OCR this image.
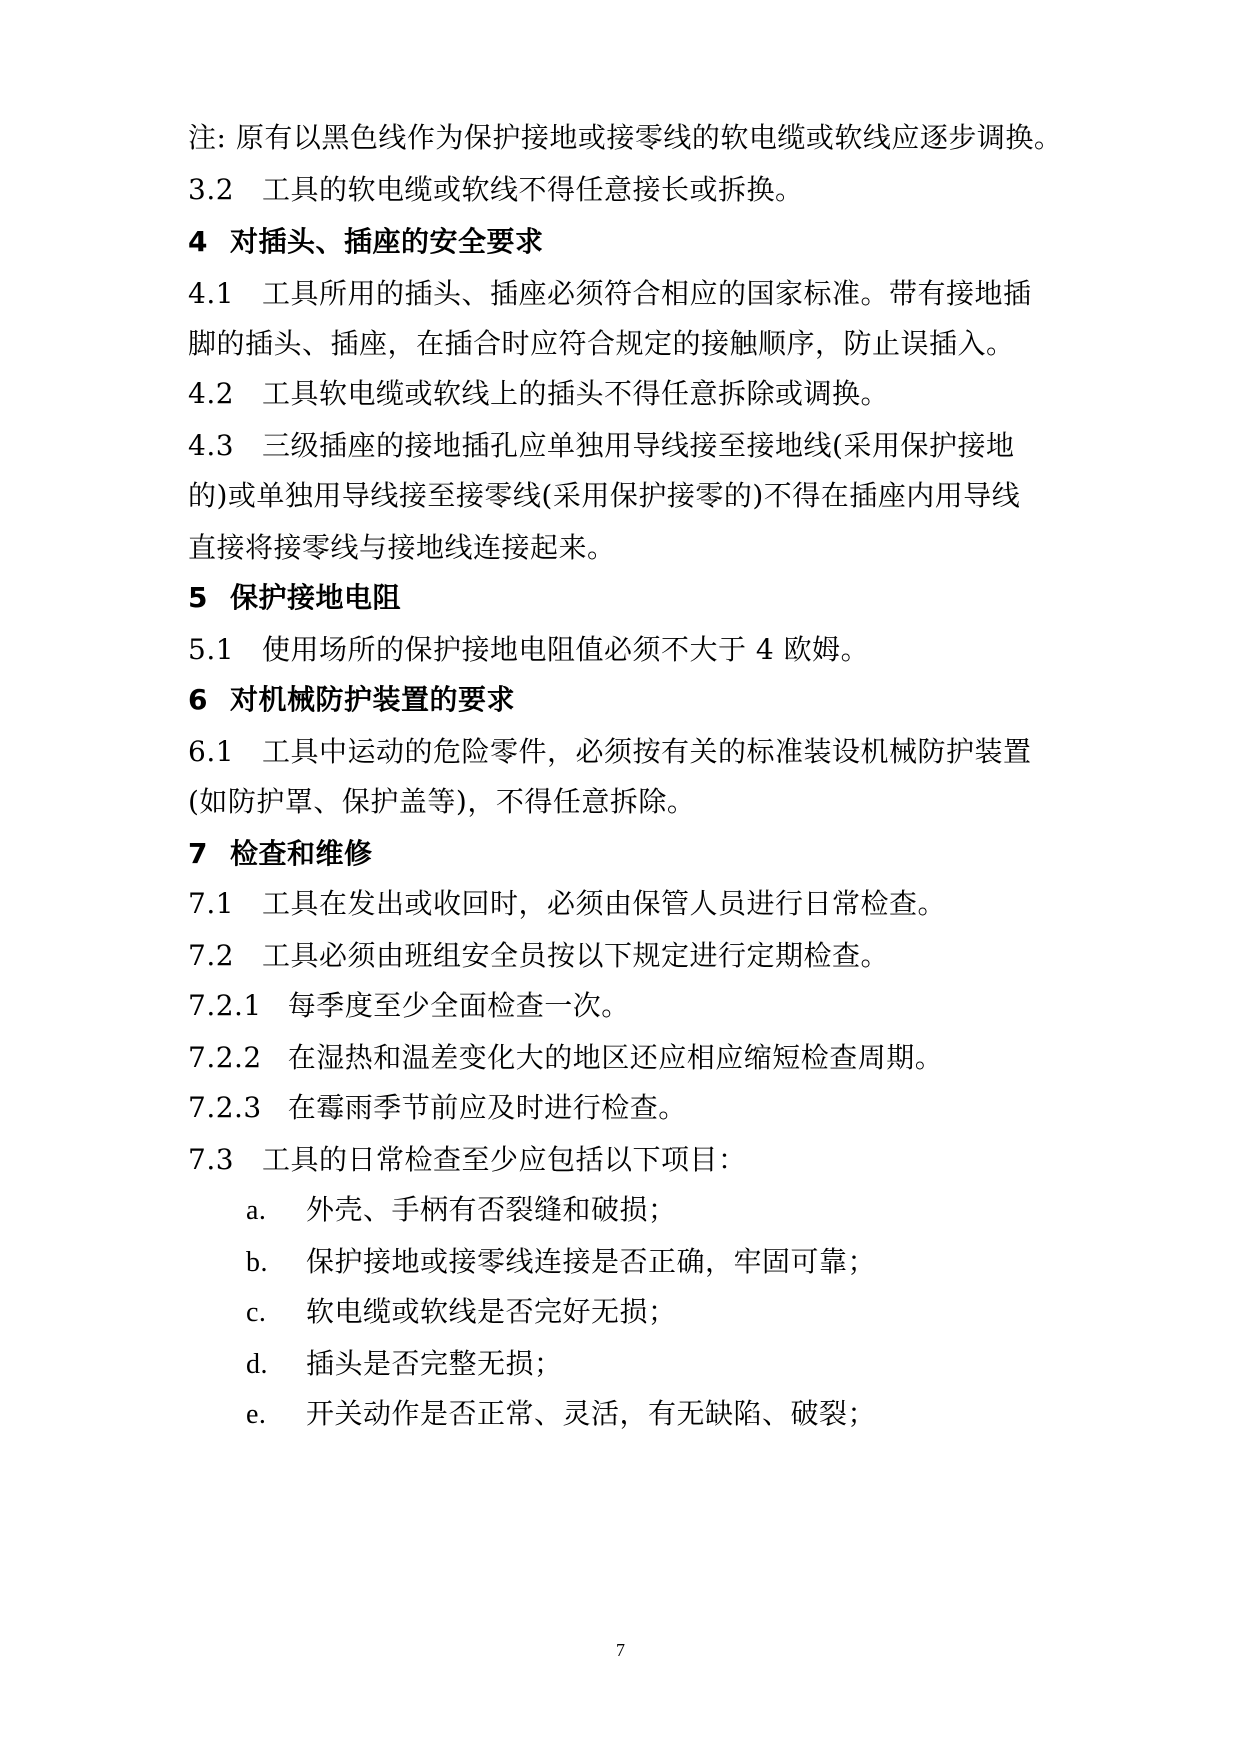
注: 原有以黑色线作为保护接地或接零线的软电缆或软线应逐步调换。
3.2 工具的软电缆或软线不得任意接长或拆换。
4 对插头、插座的安全要求
4.1 工具所用的插头、插座必须符合相应的国家标准。带有接地插
脚的插头、插座，在插合时应符合规定的接触顺序，防止误插入。
4.2 工具软电缆或软线上的插头不得任意拆除或调换。
4.3 三级插座的接地插孔应单独用导线接至接地线(采用保护接地
的)或单独用导线接至接零线(采用保护接零的)不得在插座内用导线
直接将接零线与接地线连接起来。
5 保护接地电阻
5.1 使用场所的保护接地电阻值必须不大于 4 欧姆。
6 对机械防护装置的要求
6.1 工具中运动的危险零件，必须按有关的标准装设机械防护装置
(如防护罩、保护盖等)，不得任意拆除。
7 检查和维修
7.1 工具在发出或收回时，必须由保管人员进行日常检查。
7.2 工具必须由班组安全员按以下规定进行定期检查。
7.2.1 每季度至少全面检查一次。
7.2.2 在湿热和温差变化大的地区还应相应缩短检查周期。
7.2.3 在霉雨季节前应及时进行检查。
7.3 工具的日常检查至少应包括以下项目：
a. 外壳、手柄有否裂缝和破损；
b. 保护接地或接零线连接是否正确，牢固可靠；
c. 软电缆或软线是否完好无损；
d. 插头是否完整无损；
e. 开关动作是否正常、灵活，有无缺陷、破裂；
7
